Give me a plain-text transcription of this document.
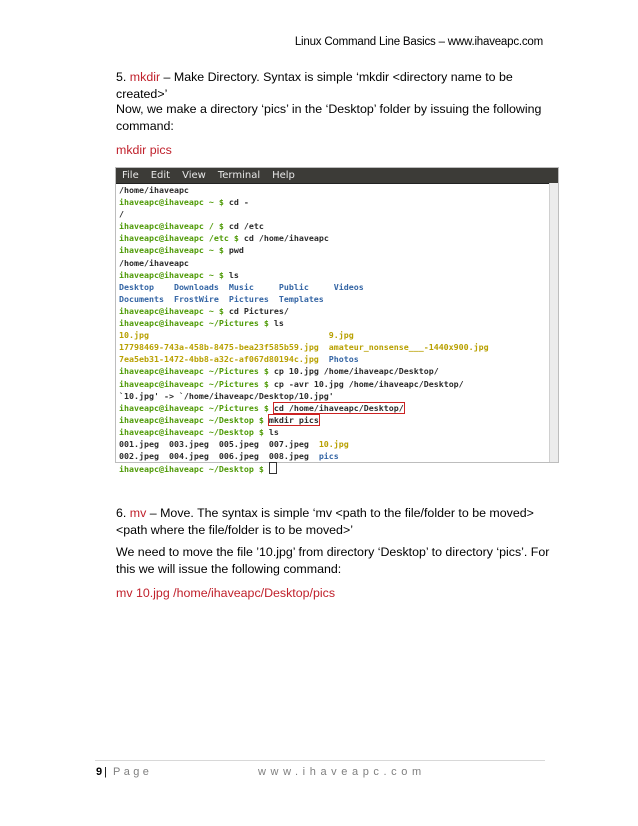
Linux Command Line Basics – www.ihaveapc.com
5. mkdir – Make Directory. Syntax is simple ‘mkdir <directory name to be created>’
Now, we make a directory ‘pics’ in the ‘Desktop’ folder by issuing the following command:
mkdir pics
File Edit View Terminal Help
/home/ihaveapc
ihaveapc@ihaveapc ~ $ cd -
/
ihaveapc@ihaveapc / $ cd /etc
ihaveapc@ihaveapc /etc $ cd /home/ihaveapc
ihaveapc@ihaveapc ~ $ pwd
/home/ihaveapc
ihaveapc@ihaveapc ~ $ ls
Desktop    Downloads  Music     Public     Videos
Documents  FrostWire  Pictures  Templates
ihaveapc@ihaveapc ~ $ cd Pictures/
ihaveapc@ihaveapc ~/Pictures $ ls
10.jpg                                    9.jpg
17798469-743a-458b-8475-bea23f585b59.jpg  amateur_nonsense___-1440x900.jpg
7ea5eb31-1472-4bb8-a32c-af067d80194c.jpg  Photos
ihaveapc@ihaveapc ~/Pictures $ cp 10.jpg /home/ihaveapc/Desktop/
ihaveapc@ihaveapc ~/Pictures $ cp -avr 10.jpg /home/ihaveapc/Desktop/
`10.jpg' -> `/home/ihaveapc/Desktop/10.jpg'
ihaveapc@ihaveapc ~/Pictures $ cd /home/ihaveapc/Desktop/
ihaveapc@ihaveapc ~/Desktop $ mkdir pics
ihaveapc@ihaveapc ~/Desktop $ ls
001.jpeg  003.jpeg  005.jpeg  007.jpeg  10.jpg
002.jpeg  004.jpeg  006.jpeg  008.jpeg  pics
ihaveapc@ihaveapc ~/Desktop $
6. mv – Move. The syntax is simple ‘mv <path to the file/folder to be moved> <path where the file/folder is to be moved>’
We need to move the file ’10.jpg’ from directory ‘Desktop’ to directory ‘pics’. For this we will issue the following command:
mv 10.jpg /home/ihaveapc/Desktop/pics
9 | Page	www.ihaveapc.com
